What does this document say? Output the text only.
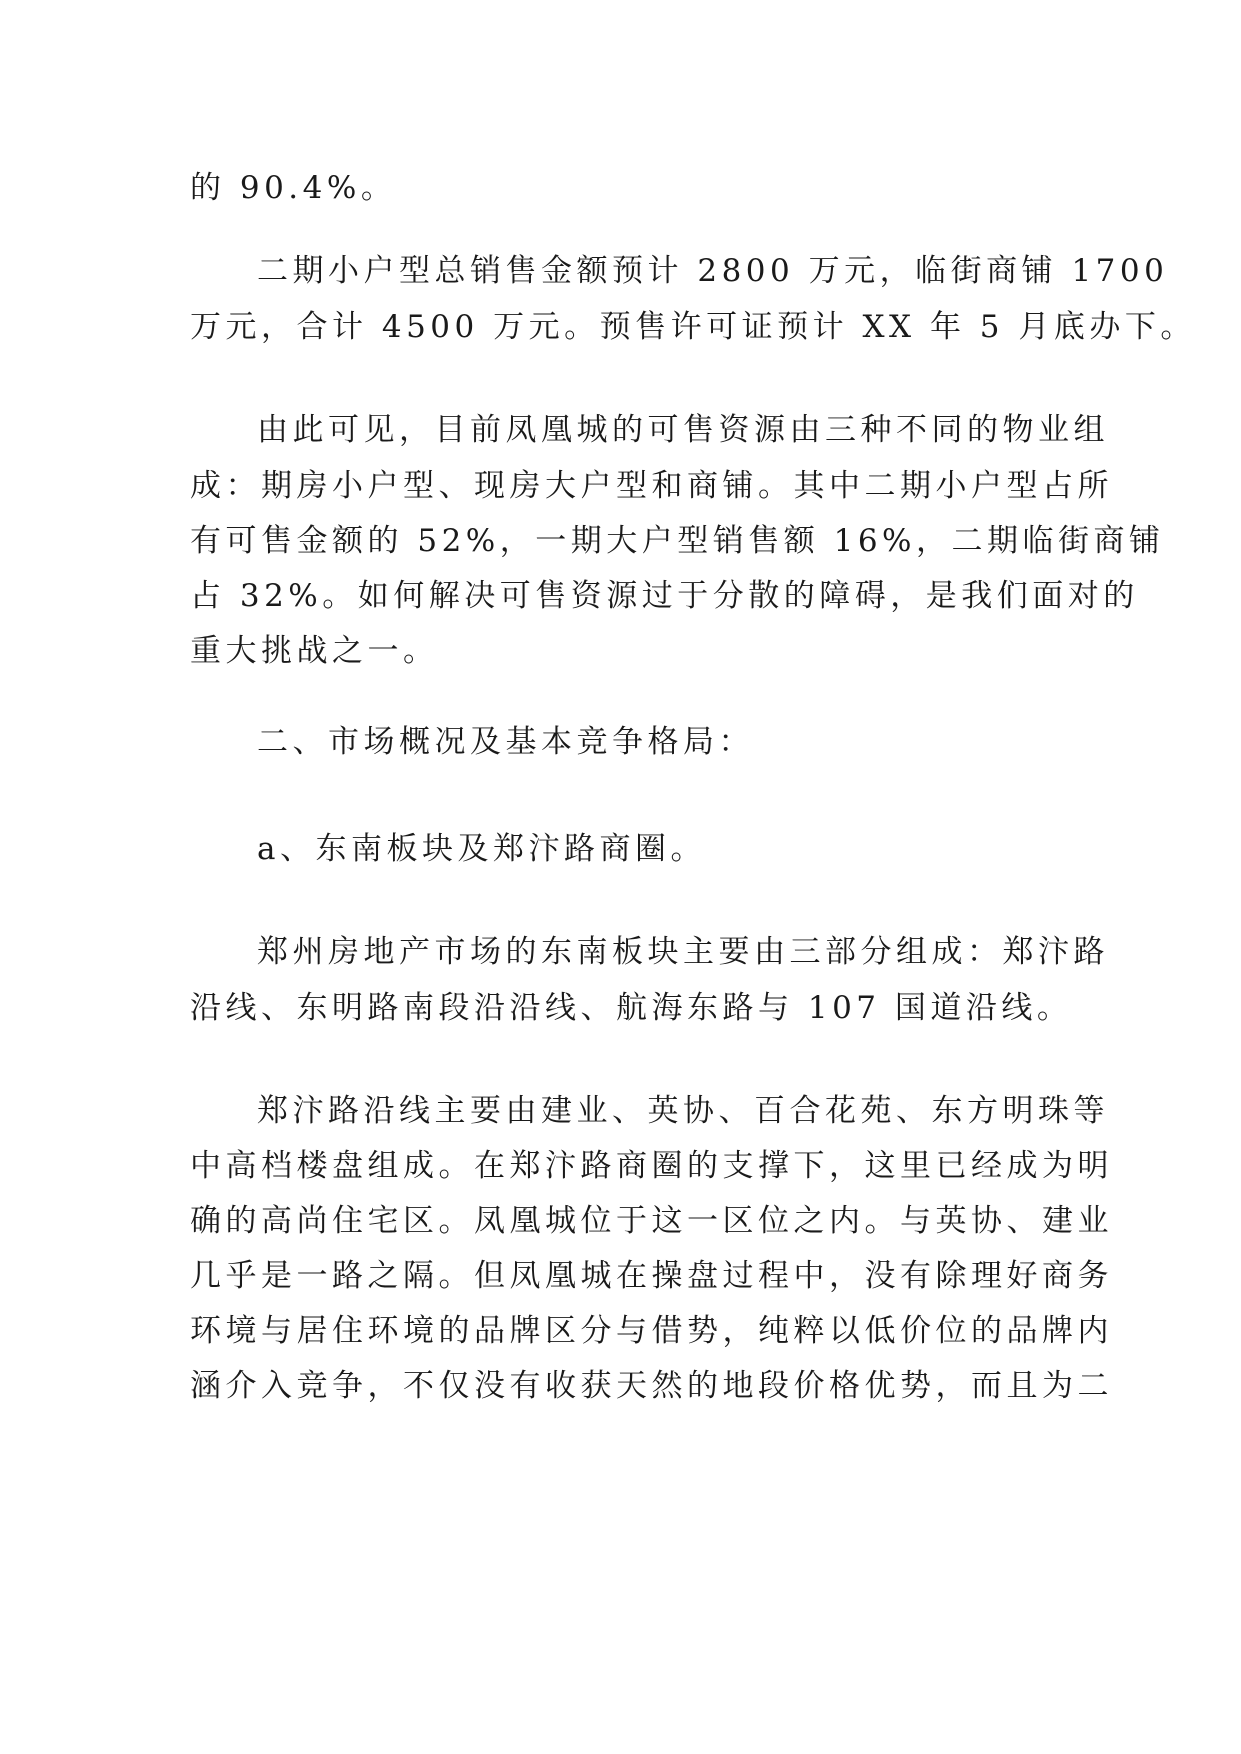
的 90.4%。
二期小户型总销售金额预计 2800 万元，临街商铺 1700
万元，合计 4500 万元。预售许可证预计 XX 年 5 月底办下。
由此可见，目前凤凰城的可售资源由三种不同的物业组
成：期房小户型、现房大户型和商铺。其中二期小户型占所
有可售金额的 52%，一期大户型销售额 16%，二期临街商铺
占 32%。如何解决可售资源过于分散的障碍，是我们面对的
重大挑战之一。
二、市场概况及基本竞争格局：
a、东南板块及郑汴路商圈。
郑州房地产市场的东南板块主要由三部分组成：郑汴路
沿线、东明路南段沿沿线、航海东路与 107 国道沿线。
郑汴路沿线主要由建业、英协、百合花苑、东方明珠等
中高档楼盘组成。在郑汴路商圈的支撑下，这里已经成为明
确的高尚住宅区。凤凰城位于这一区位之内。与英协、建业
几乎是一路之隔。但凤凰城在操盘过程中，没有除理好商务
环境与居住环境的品牌区分与借势，纯粹以低价位的品牌内
涵介入竞争，不仅没有收获天然的地段价格优势，而且为二
